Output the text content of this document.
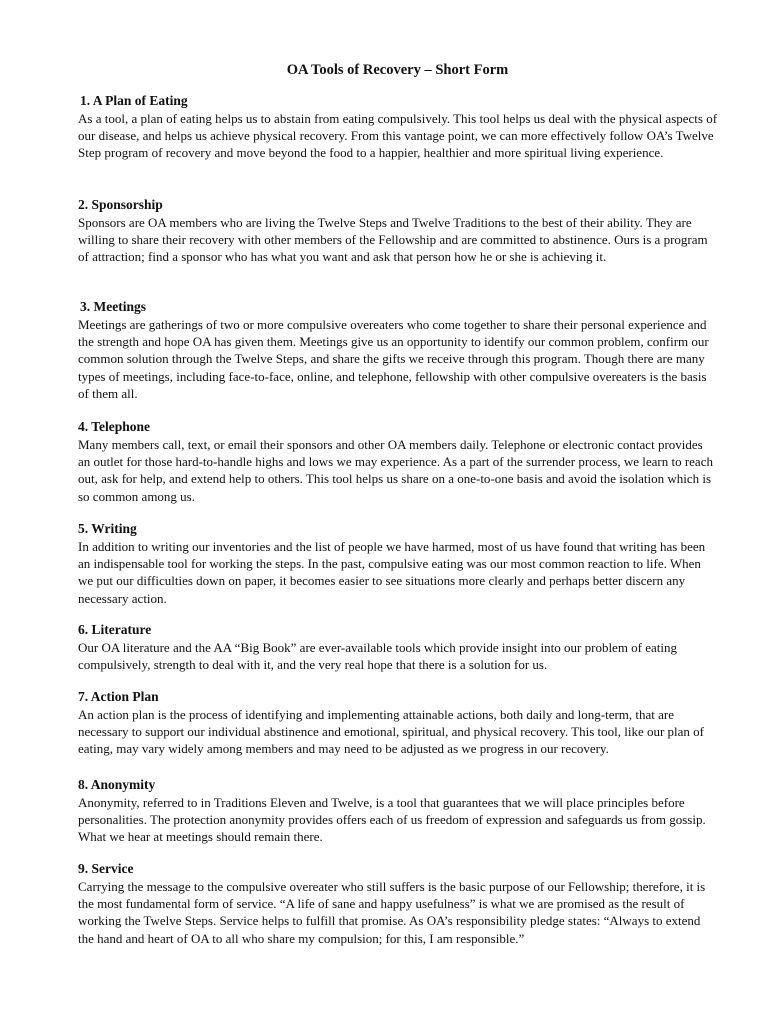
OA Tools of Recovery – Short Form
1. A Plan of Eating
As a tool, a plan of eating helps us to abstain from eating compulsively. This tool helps us deal with the physical aspects of our disease, and helps us achieve physical recovery. From this vantage point, we can more effectively follow OA’s Twelve Step program of recovery and move beyond the food to a happier, healthier and more spiritual living experience.
2. Sponsorship
Sponsors are OA members who are living the Twelve Steps and Twelve Traditions to the best of their ability. They are willing to share their recovery with other members of the Fellowship and are committed to abstinence. Ours is a program of attraction; find a sponsor who has what you want and ask that person how he or she is achieving it.
3. Meetings
Meetings are gatherings of two or more compulsive overeaters who come together to share their personal experience and the strength and hope OA has given them. Meetings give us an opportunity to identify our common problem, confirm our common solution through the Twelve Steps, and share the gifts we receive through this program. Though there are many types of meetings, including face-to-face, online, and telephone, fellowship with other compulsive overeaters is the basis of them all.
4. Telephone
Many members call, text, or email their sponsors and other OA members daily. Telephone or electronic contact provides an outlet for those hard-to-handle highs and lows we may experience. As a part of the surrender process, we learn to reach out, ask for help, and extend help to others. This tool helps us share on a one-to-one basis and avoid the isolation which is so common among us.
5. Writing
In addition to writing our inventories and the list of people we have harmed, most of us have found that writing has been an indispensable tool for working the steps. In the past, compulsive eating was our most common reaction to life. When we put our difficulties down on paper, it becomes easier to see situations more clearly and perhaps better discern any necessary action.
6. Literature
Our OA literature and the AA “Big Book” are ever-available tools which provide insight into our problem of eating compulsively, strength to deal with it, and the very real hope that there is a solution for us.
7. Action Plan
An action plan is the process of identifying and implementing attainable actions, both daily and long-term, that are necessary to support our individual abstinence and emotional, spiritual, and physical recovery. This tool, like our plan of eating, may vary widely among members and may need to be adjusted as we progress in our recovery.
8. Anonymity
Anonymity, referred to in Traditions Eleven and Twelve, is a tool that guarantees that we will place principles before personalities. The protection anonymity provides offers each of us freedom of expression and safeguards us from gossip. What we hear at meetings should remain there.
9. Service
Carrying the message to the compulsive overeater who still suffers is the basic purpose of our Fellowship; therefore, it is the most fundamental form of service. “A life of sane and happy usefulness” is what we are promised as the result of working the Twelve Steps. Service helps to fulfill that promise. As OA’s responsibility pledge states: “Always to extend the hand and heart of OA to all who share my compulsion; for this, I am responsible.”
